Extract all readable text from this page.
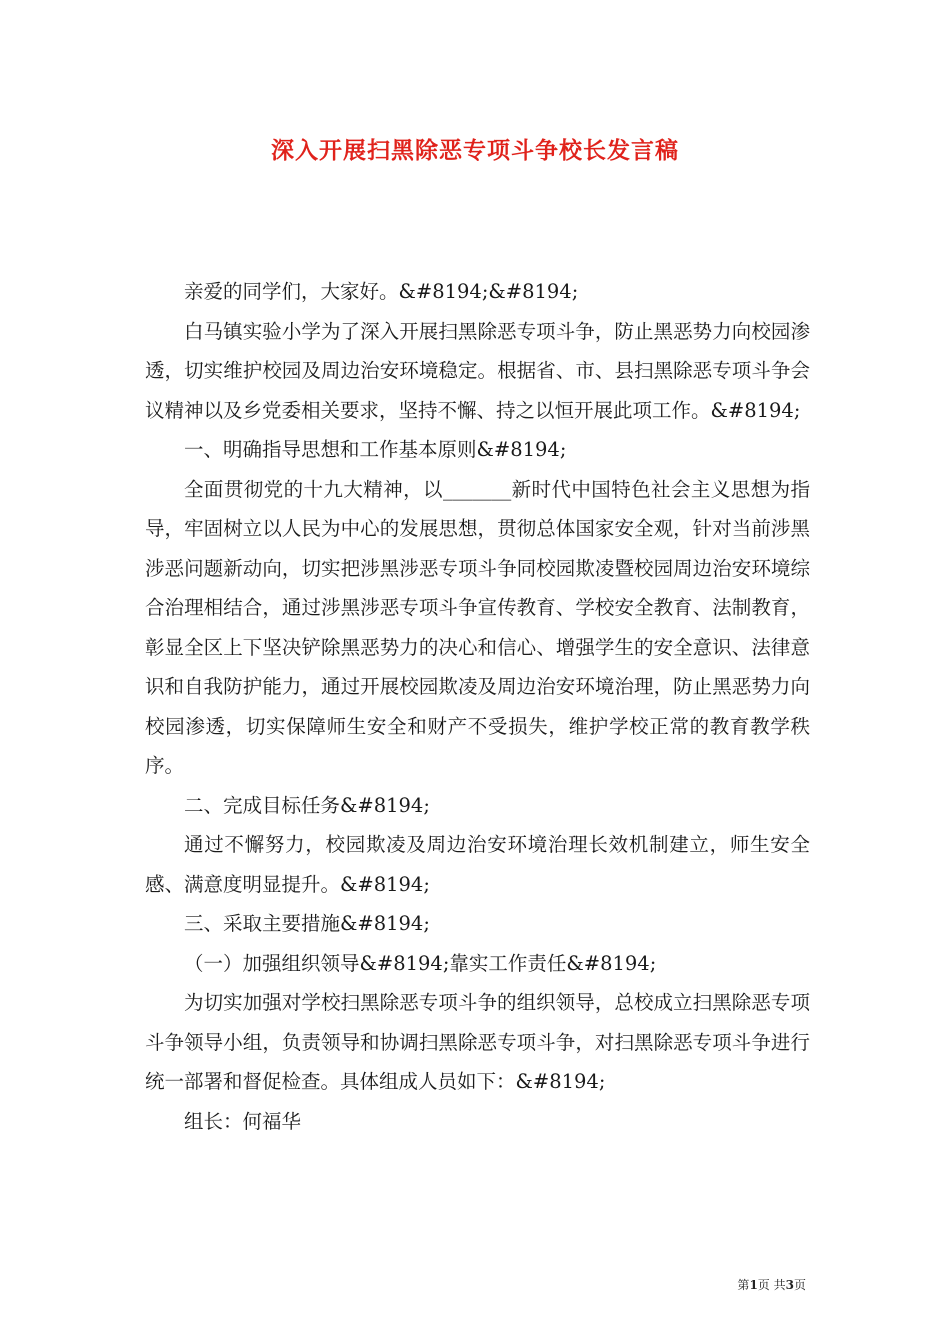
深入开展扫黑除恶专项斗争校长发言稿

亲爱的同学们，大家好。&#8194;&#8194;

白马镇实验小学为了深入开展扫黑除恶专项斗争，防止黑恶势力向校园渗透，切实维护校园及周边治安环境稳定。根据省、市、县扫黑除恶专项斗争会议精神以及乡党委相关要求，坚持不懈、持之以恒开展此项工作。&#8194;

一、明确指导思想和工作基本原则&#8194;

全面贯彻党的十九大精神，以_______新时代中国特色社会主义思想为指导，牢固树立以人民为中心的发展思想，贯彻总体国家安全观，针对当前涉黑涉恶问题新动向，切实把涉黑涉恶专项斗争同校园欺凌暨校园周边治安环境综合治理相结合，通过涉黑涉恶专项斗争宣传教育、学校安全教育、法制教育，彰显全区上下坚决铲除黑恶势力的决心和信心、增强学生的安全意识、法律意识和自我防护能力，通过开展校园欺凌及周边治安环境治理，防止黑恶势力向校园渗透，切实保障师生安全和财产不受损失，维护学校正常的教育教学秩序。

二、完成目标任务&#8194;

通过不懈努力，校园欺凌及周边治安环境治理长效机制建立，师生安全感、满意度明显提升。&#8194;

三、采取主要措施&#8194;

（一）加强组织领导&#8194;靠实工作责任&#8194;

为切实加强对学校扫黑除恶专项斗争的组织领导，总校成立扫黑除恶专项斗争领导小组，负责领导和协调扫黑除恶专项斗争，对扫黑除恶专项斗争进行统一部署和督促检查。具体组成人员如下：&#8194;

组长：何福华

第1页 共3页
